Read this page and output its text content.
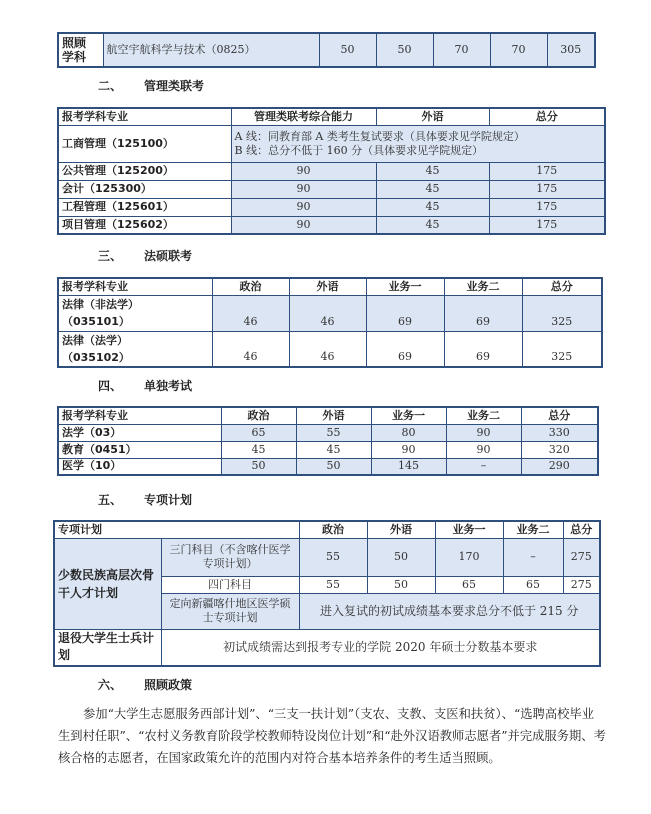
照顾
学科	航空宇航科学与技术（0825）	50	50	70	70	305
二、 管理类联考
报考学科专业	管理类联考综合能力	外语	总分
工商管理（125100）	A 线：同教育部 A 类考生复试要求（具体要求见学院规定）
B 线：总分不低于 160 分（具体要求见学院规定）		

公共管理（125200）	90	45	175
会计（125300）	90	45	175
工程管理（125601）	90	45	175
项目管理（125602）	90	45	175
三、 法硕联考
报考学科专业	政治	外语	业务一	业务二	总分

法律（非法学）
（035101）	46	46	69	69	325

法律（法学）
（035102）	46	46	69	69	325
四、 单独考试
报考学科专业	政治	外语	业务一	业务二	总分
法学（03）	65	55	80	90	330
教育（0451）	45	45	90	90	320
医学（10）	50	50	145	–	290
五、 专项计划
专项计划		政治	外语	业务一	业务二	总分
少数民族高层次骨干人才计划	三门科目（不含喀什医学专项计划）	55	50	170	–	275
	四门科目	55	50	65	65	275
	定向新疆喀什地区医学硕士专项计划	进入复试的初试成绩基本要求总分不低于 215 分				
退役大学生士兵计划	初试成绩需达到报考专业的学院 2020 年硕士分数基本要求					
六、 照顾政策

参加“大学生志愿服务西部计划”、“三支一扶计划”（支农、支教、支医和扶贫）、“选聘高校毕业生到村任职”、“农村义务教育阶段学校教师特设岗位计划”和“赴外汉语教师志愿者”并完成服务期、考核合格的志愿者，在国家政策允许的范围内对符合基本培养条件的考生适当照顾。
